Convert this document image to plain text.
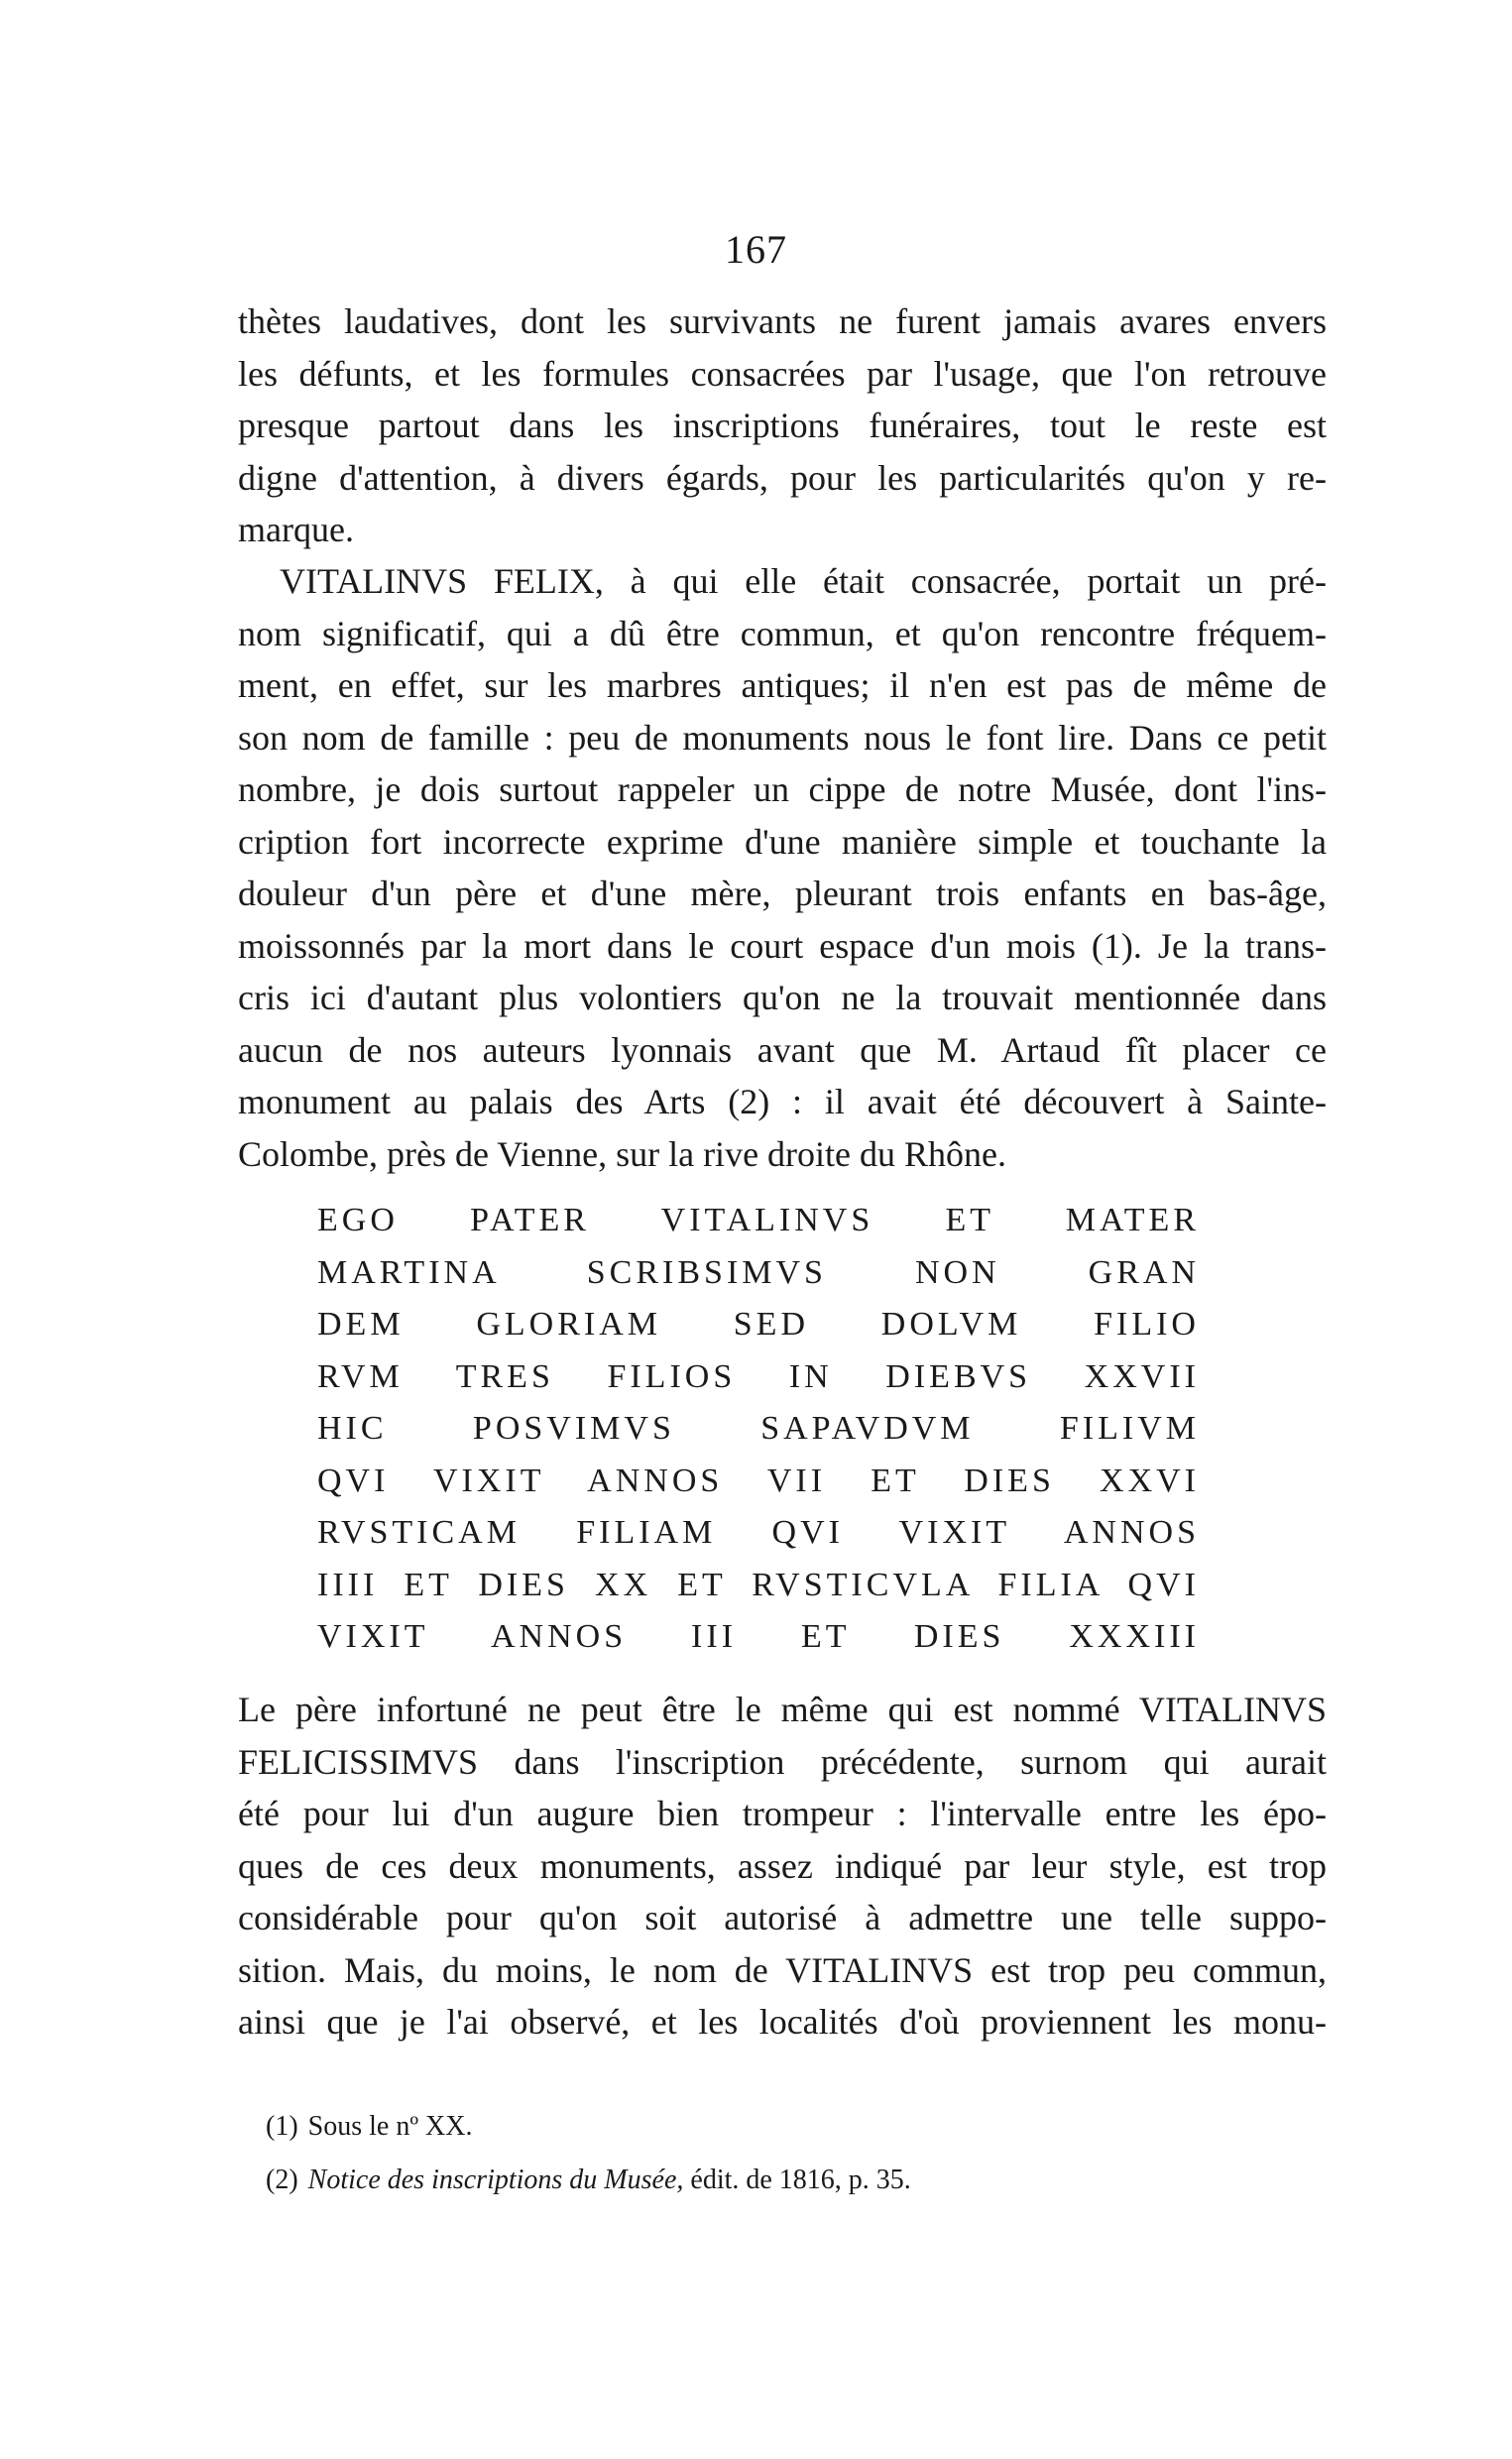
167
thètes laudatives, dont les survivants ne furent jamais avares envers
les défunts, et les formules consacrées par l'usage, que l'on retrouve
presque partout dans les inscriptions funéraires, tout le reste est
digne d'attention, à divers égards, pour les particularités qu'on y re-
marque.
VITALINVS FELIX, à qui elle était consacrée, portait un pré-
nom significatif, qui a dû être commun, et qu'on rencontre fréquem-
ment, en effet, sur les marbres antiques; il n'en est pas de même de
son nom de famille : peu de monuments nous le font lire. Dans ce petit
nombre, je dois surtout rappeler un cippe de notre Musée, dont l'ins-
cription fort incorrecte exprime d'une manière simple et touchante la
douleur d'un père et d'une mère, pleurant trois enfants en bas-âge,
moissonnés par la mort dans le court espace d'un mois (1). Je la trans-
cris ici d'autant plus volontiers qu'on ne la trouvait mentionnée dans
aucun de nos auteurs lyonnais avant que M. Artaud fît placer ce
monument au palais des Arts (2) : il avait été découvert à Sainte-
Colombe, près de Vienne, sur la rive droite du Rhône.
EGO PATER VITALINVS ET MATER
MARTINA SCRIBSIMVS NON GRAN
DEM GLORIAM SED DOLVM FILIO
RVM TRES FILIOS IN DIEBVS XXVII
HIC POSVIMVS SAPAVDVM FILIVM
QVI VIXIT ANNOS VII ET DIES XXVI
RVSTICAM FILIAM QVI VIXIT ANNOS
IIII ET DIES XX ET RVSTICVLA FILIA QVI
VIXIT ANNOS III ET DIES XXXIII
Le père infortuné ne peut être le même qui est nommé VITALINVS
FELICISSIMVS dans l'inscription précédente, surnom qui aurait
été pour lui d'un augure bien trompeur : l'intervalle entre les épo-
ques de ces deux monuments, assez indiqué par leur style, est trop
considérable pour qu'on soit autorisé à admettre une telle suppo-
sition. Mais, du moins, le nom de VITALINVS est trop peu commun,
ainsi que je l'ai observé, et les localités d'où proviennent les monu-
(1) Sous le nº XX.
(2) Notice des inscriptions du Musée, édit. de 1816, p. 35.
